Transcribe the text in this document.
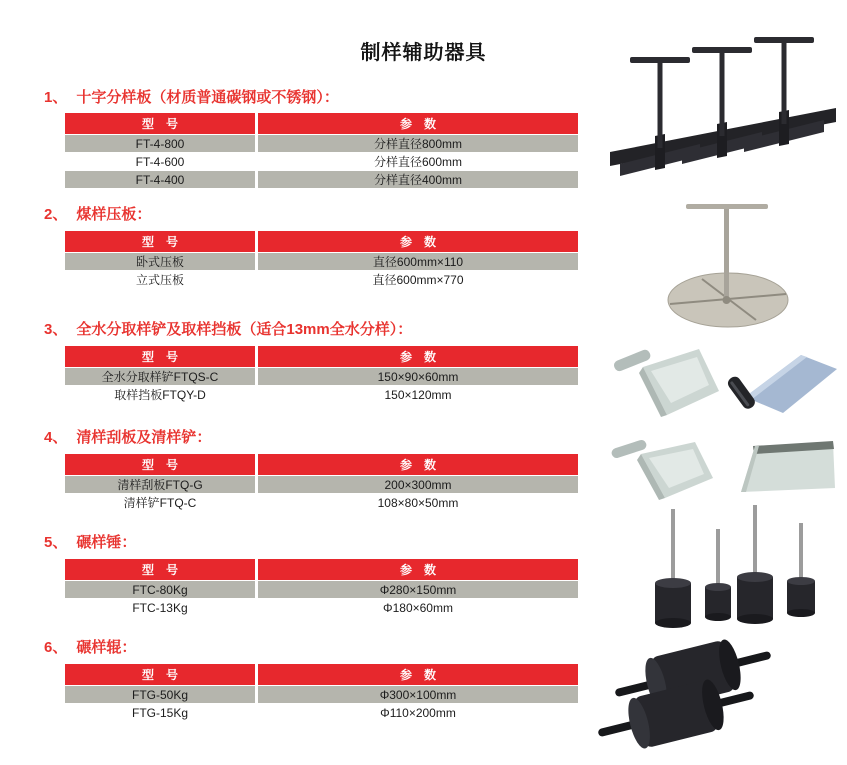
制样辅助器具
1、 十字分样板（材质普通碳钢或不锈钢）：
型　号	参　数
FT-4-800	分样直径800mm
FT-4-600	分样直径600mm
FT-4-400	分样直径400mm
2、 煤样压板：
型　号	参　数
卧式压板	直径600mm×110
立式压板	直径600mm×770
3、 全水分取样铲及取样挡板（适合13mm全水分样）：
型　号	参　数
全水分取样铲FTQS-C	150×90×60mm
取样挡板FTQY-D	150×120mm
4、 清样刮板及清样铲：
型　号	参　数
清样刮板FTQ-G	200×300mm
清样铲FTQ-C	108×80×50mm
5、 碾样锤：
型　号	参　数
FTC-80Kg	Φ280×150mm
FTC-13Kg	Φ180×60mm
6、 碾样辊：
型　号	参　数
FTG-50Kg	Φ300×100mm
FTG-15Kg	Φ110×200mm
